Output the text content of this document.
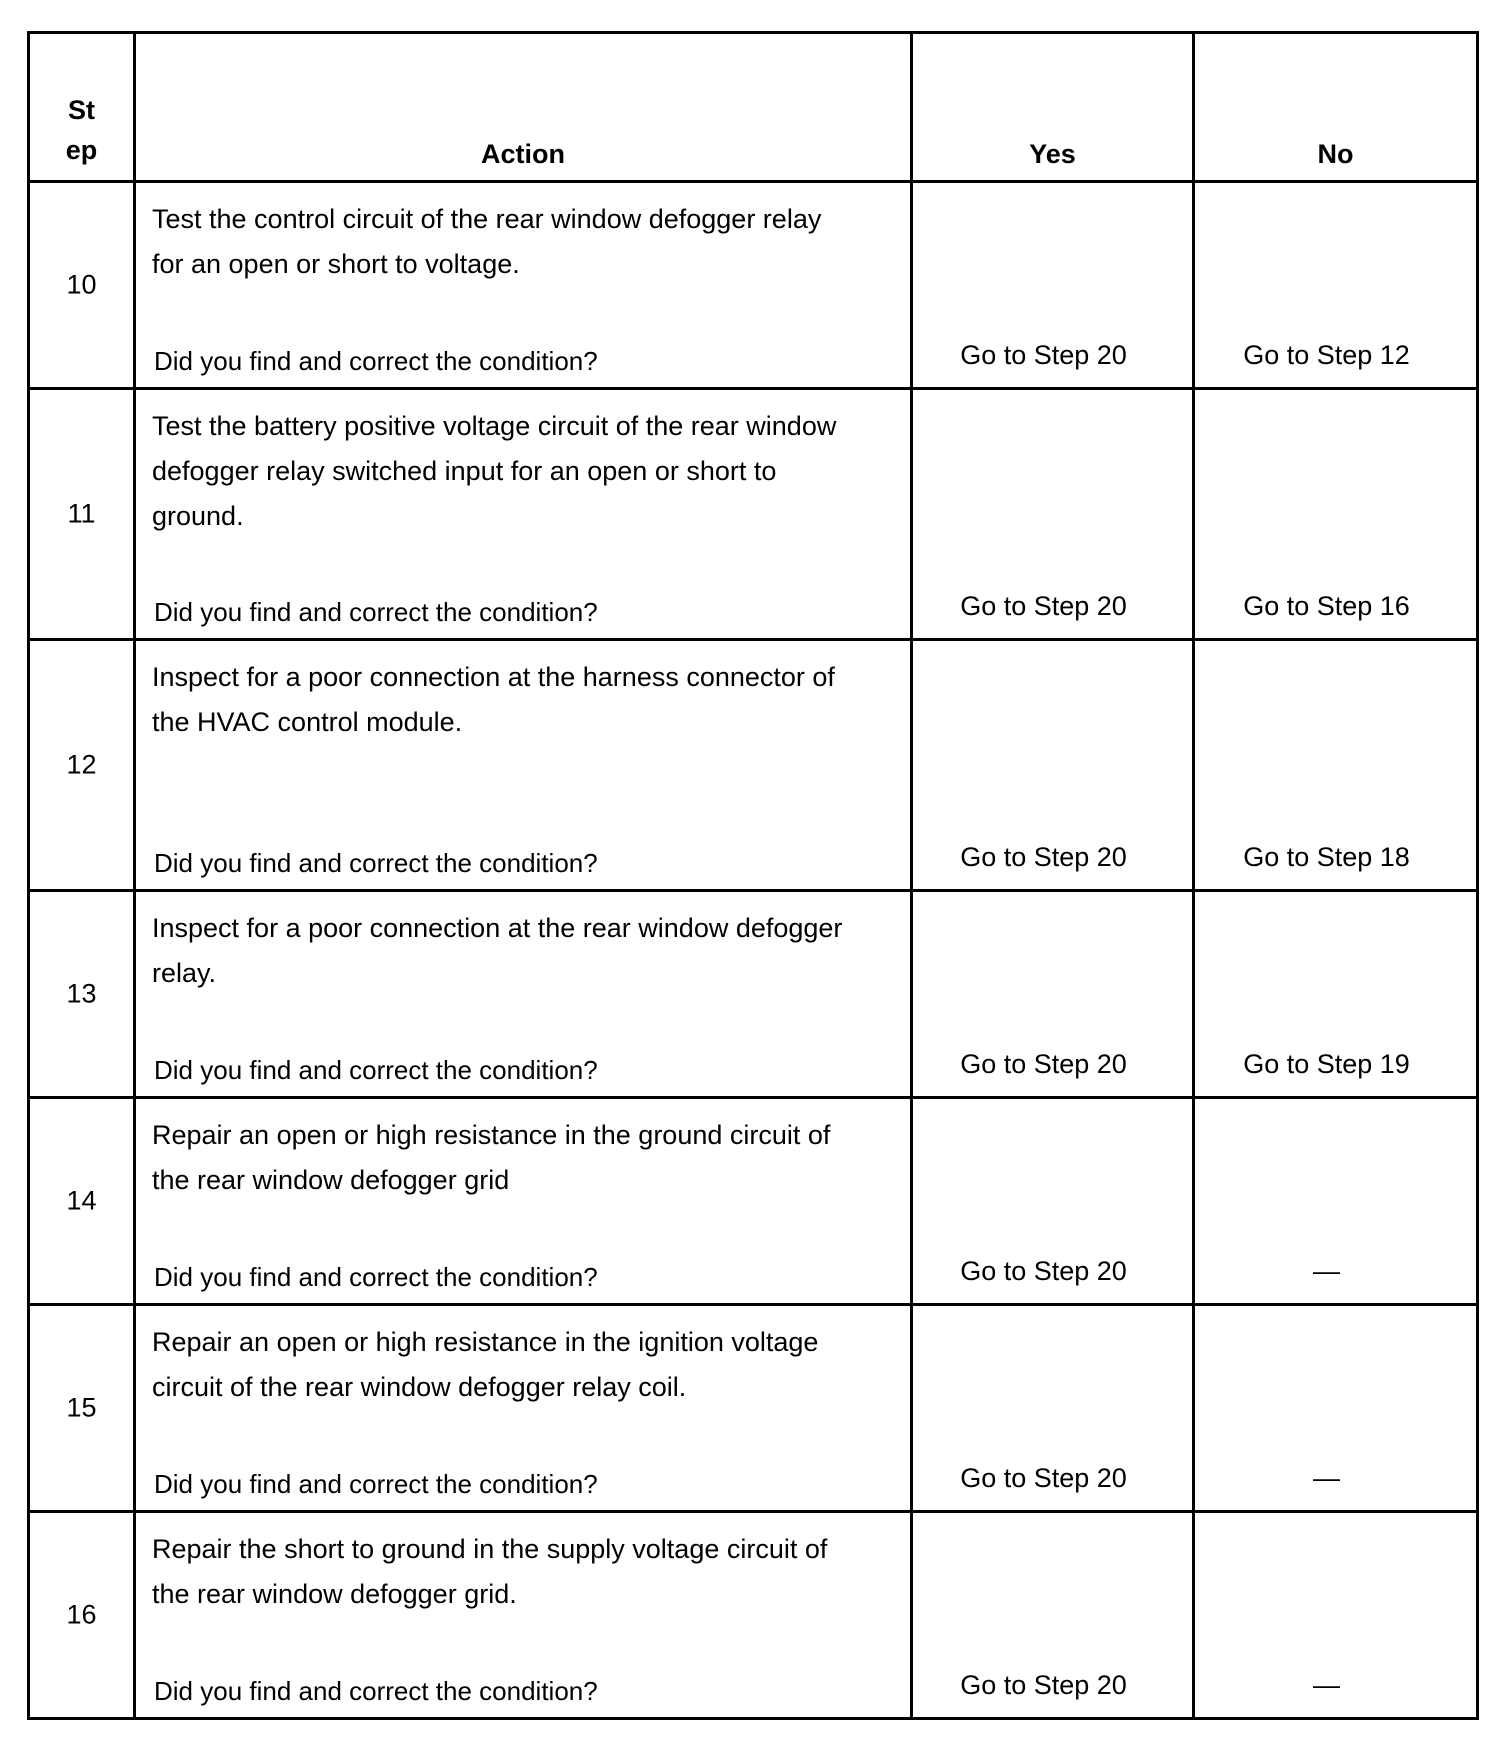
St
ep	Action	Yes	No

10	Test the control circuit of the rear window defogger relay for an open or short to voltage.
Did you find and correct the condition?	Go to Step 20	Go to Step 12

11	Test the battery positive voltage circuit of the rear window defogger relay switched input for an open or short to ground.
Did you find and correct the condition?	Go to Step 20	Go to Step 16

12	Inspect for a poor connection at the harness connector of the HVAC control module.
Did you find and correct the condition?	Go to Step 20	Go to Step 18

13	Inspect for a poor connection at the rear window defogger relay.
Did you find and correct the condition?	Go to Step 20	Go to Step 19

14	Repair an open or high resistance in the ground circuit of the rear window defogger grid
Did you find and correct the condition?	Go to Step 20	—

15	Repair an open or high resistance in the ignition voltage circuit of the rear window defogger relay coil.
Did you find and correct the condition?	Go to Step 20	—

16	Repair the short to ground in the supply voltage circuit of the rear window defogger grid.
Did you find and correct the condition?	Go to Step 20	—
